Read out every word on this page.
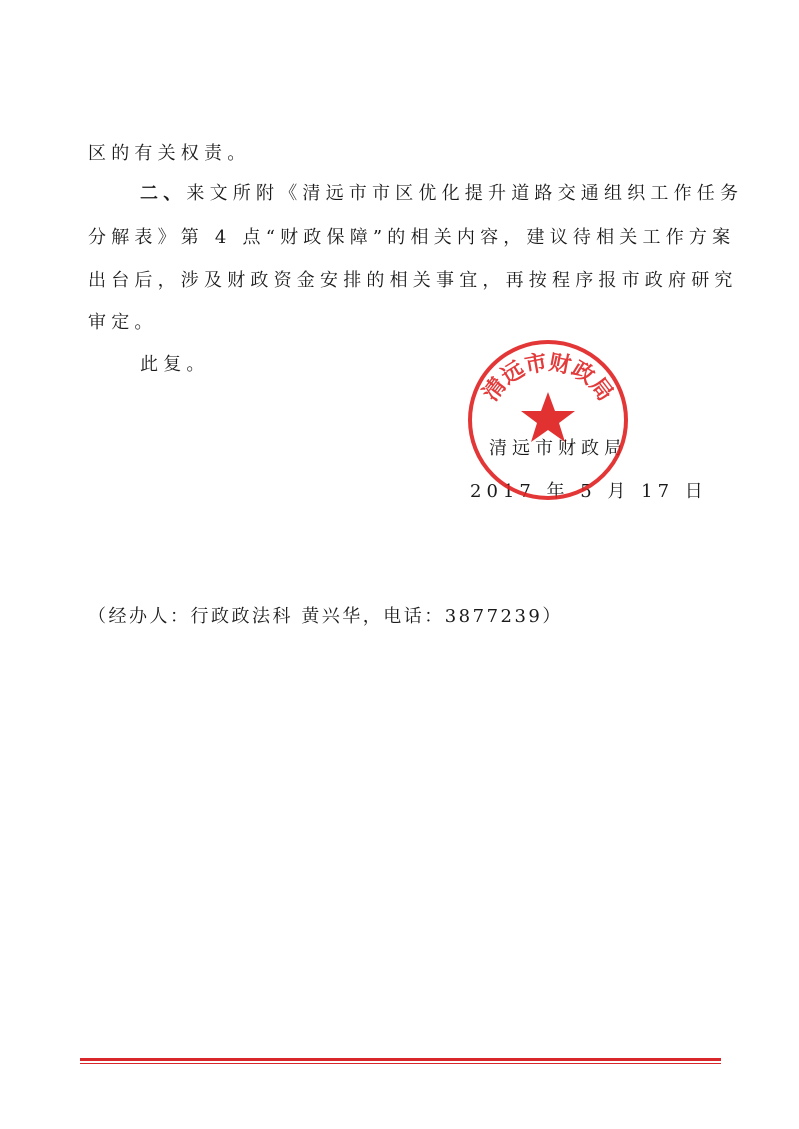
区的有关权责。
二、来文所附《清远市市区优化提升道路交通组织工作任务
分解表》第 4 点“财政保障”的相关内容，建议待相关工作方案
出台后，涉及财政资金安排的相关事宜，再按程序报市政府研究
审定。
此复。
清远市财政局
2017 年 5 月 17 日
清远市财政局
（经办人：行政政法科 黄兴华，电话：3877239）
